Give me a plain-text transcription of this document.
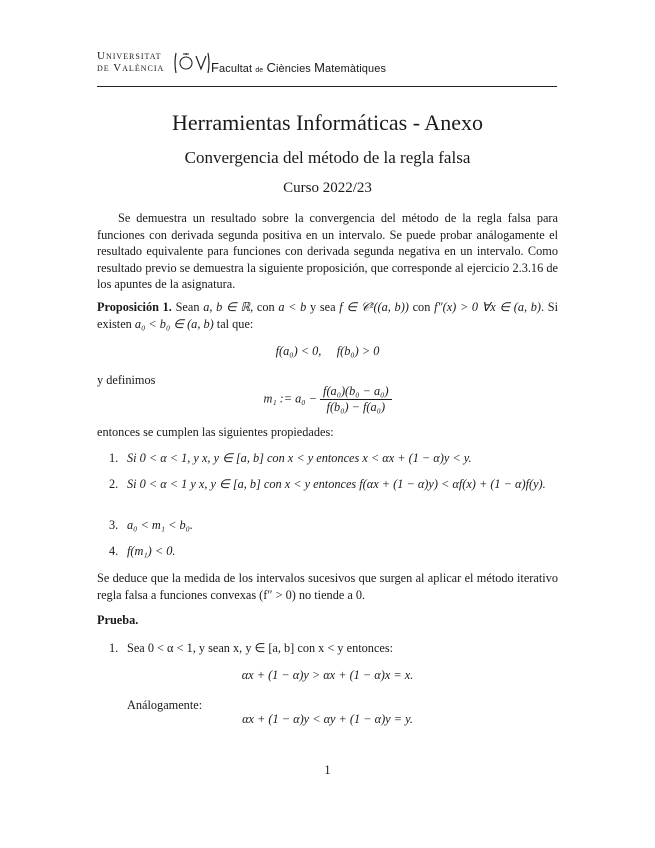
Universitat
de València	Facultat de Ciències Matemàtiques
Herramientas Informáticas - Anexo
Convergencia del método de la regla falsa
Curso 2022/23
Se demuestra un resultado sobre la convergencia del método de la regla falsa para funciones con derivada segunda positiva en un intervalo. Se puede probar análogamente el resultado equivalente para funciones con derivada segunda negativa en un intervalo. Como resultado previo se demuestra la siguiente proposición, que corresponde al ejercicio 2.3.16 de los apuntes de la asignatura.
Proposición 1. Sean a, b ∈ ℝ, con a < b y sea f ∈ 𝒞²((a, b)) con f″(x) > 0 ∀x ∈ (a, b). Si existen a₀ < b₀ ∈ (a, b) tal que:
f(a₀) < 0, f(b₀) > 0
y definimos
m₁ := $a_0 - \frac{\text{f(a₀)(b₀ − a₀)}}{\text{f(b₀) − f(a₀)}}$
entonces se cumplen las siguientes propiedades:
1. Si 0 < α < 1, y x, y ∈ [a, b] con x < y entonces x < αx + (1 − α)y < y.
2. Si 0 < α < 1 y x, y ∈ [a, b] con x < y entonces f(αx + (1 − α)y) < αf(x) + (1 − α)f(y).
3. a₀ < m₁ < b₀.
4. f(m₁) < 0.
Se deduce que la medida de los intervalos sucesivos que surgen al aplicar el método iterativo regla falsa a funciones convexas (f″ > 0) no tiende a 0.
Prueba.
1. Sea 0 < α < 1, y sean x, y ∈ [a, b] con x < y entonces:
αx + (1 − α)y > αx + (1 − α)x = x.
Análogamente:
αx + (1 − α)y < αy + (1 − α)y = y.
1
